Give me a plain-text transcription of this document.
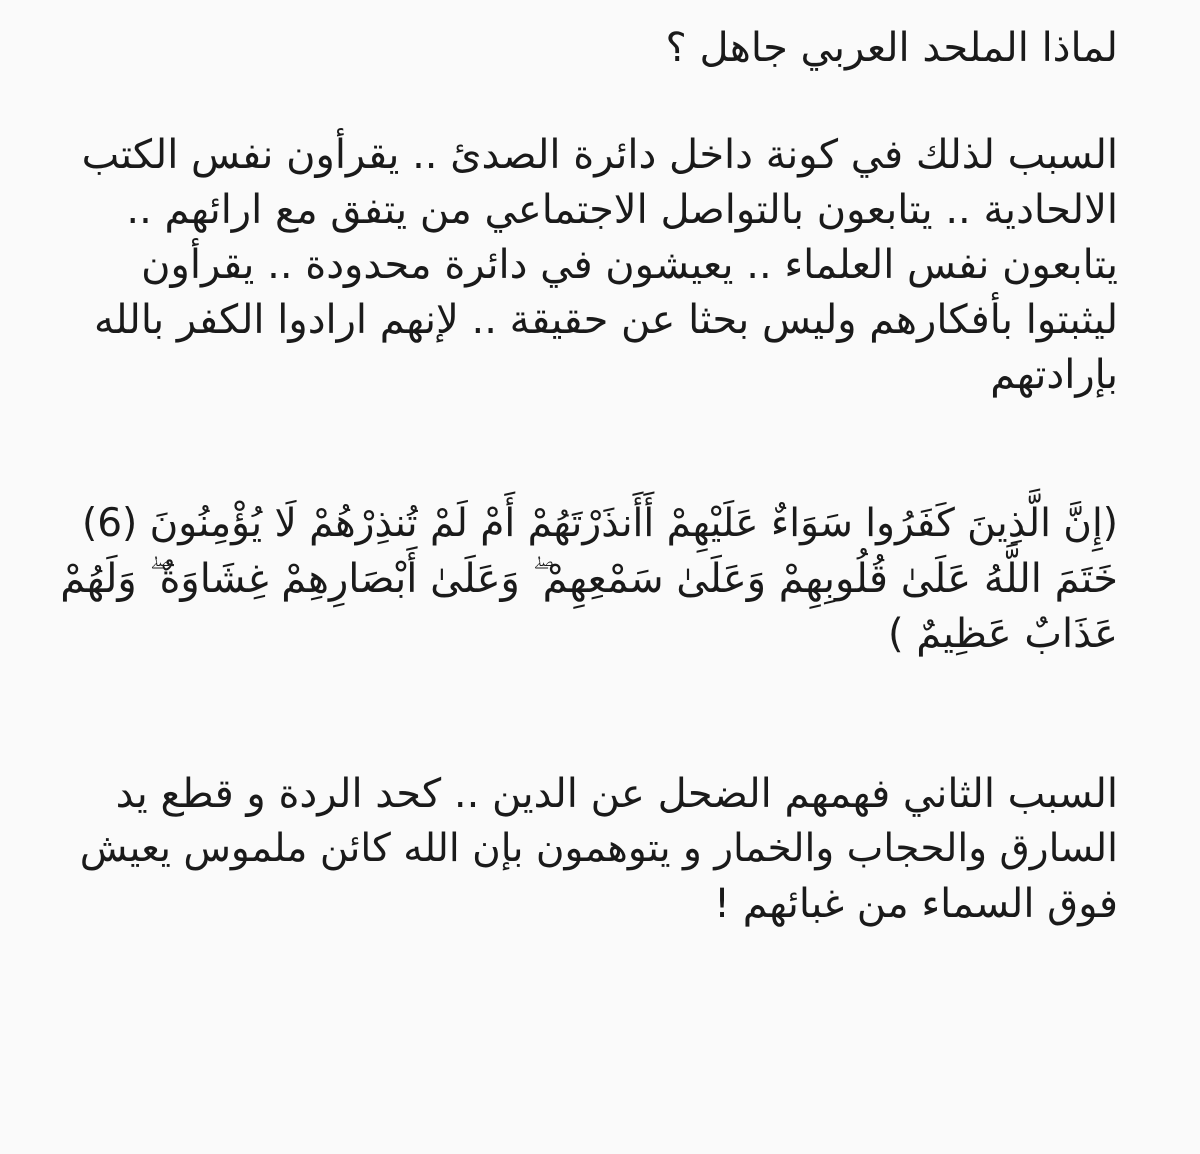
لماذا الملحد العربي جاهل ؟
السبب لذلك في كونة داخل دائرة الصدئ .. يقرأون نفس الكتب
الالحادية .. يتابعون بالتواصل الاجتماعي من يتفق مع ارائهم ..
يتابعون نفس العلماء .. يعيشون في دائرة محدودة .. يقرأون
ليثبتوا بأفكارهم وليس بحثا عن حقيقة .. لإنهم ارادوا الكفر بالله
بإرادتهم
(إِنَّ الَّذِينَ كَفَرُوا سَوَاءٌ عَلَيْهِمْ أَأَنذَرْتَهُمْ أَمْ لَمْ تُنذِرْهُمْ لَا يُؤْمِنُونَ (6)
خَتَمَ اللَّهُ عَلَىٰ قُلُوبِهِمْ وَعَلَىٰ سَمْعِهِمْ ۖ وَعَلَىٰ أَبْصَارِهِمْ غِشَاوَةٌ ۖ وَلَهُمْ
عَذَابٌ عَظِيمٌ )
السبب الثاني فهمهم الضحل عن الدين .. كحد الردة و قطع يد
السارق والحجاب والخمار و يتوهمون بإن الله كائن ملموس يعيش
فوق السماء من غبائهم !
